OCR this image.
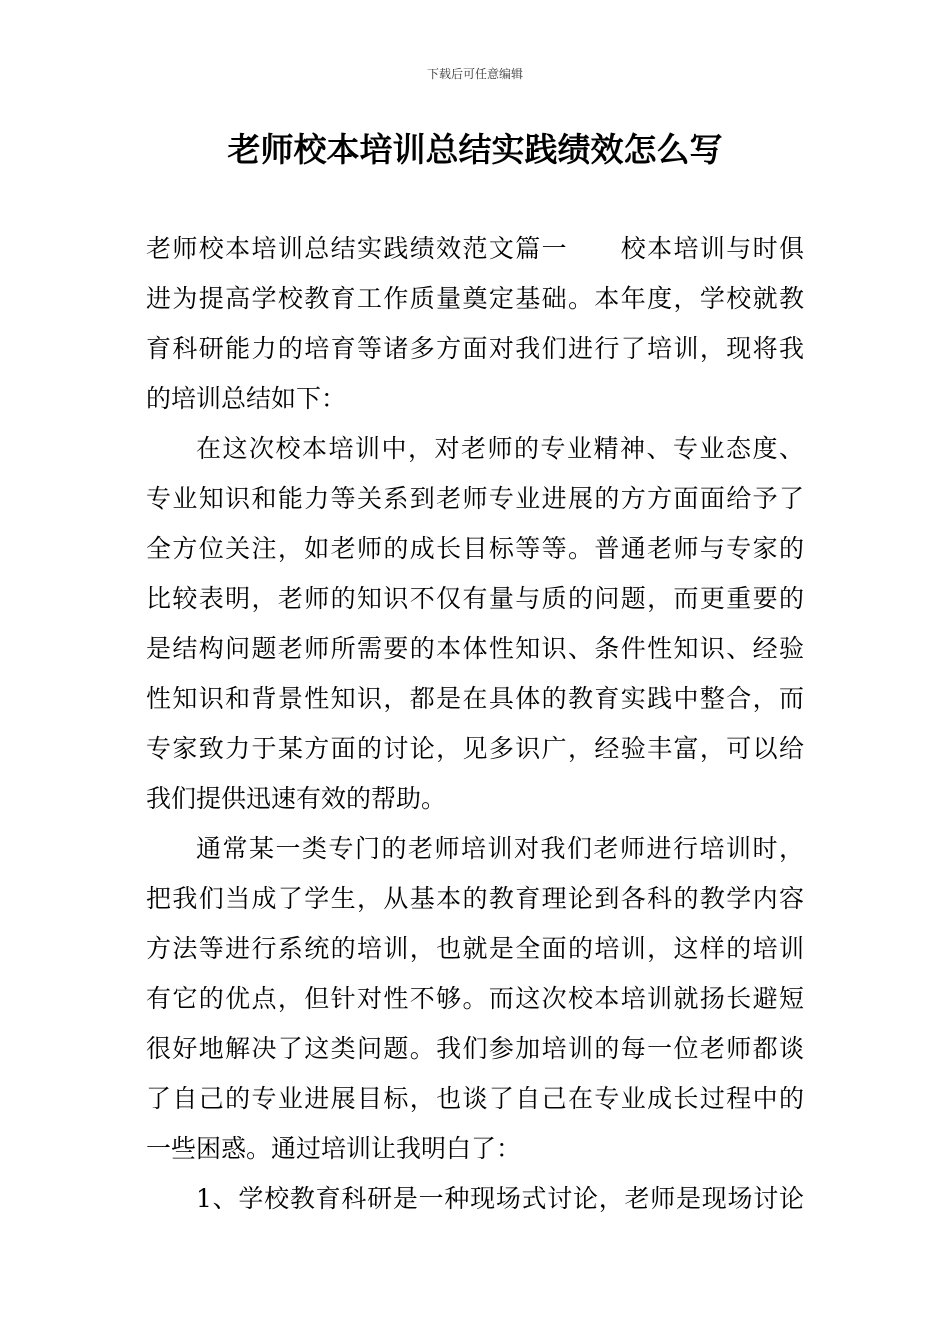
下载后可任意编辑
老师校本培训总结实践绩效怎么写
老师校本培训总结实践绩效范文篇一　　校本培训与时俱
进为提高学校教育工作质量奠定基础。本年度，学校就教
育科研能力的培育等诸多方面对我们进行了培训，现将我
的培训总结如下：
在这次校本培训中，对老师的专业精神、专业态度、
专业知识和能力等关系到老师专业进展的方方面面给予了
全方位关注，如老师的成长目标等等。普通老师与专家的
比较表明，老师的知识不仅有量与质的问题，而更重要的
是结构问题老师所需要的本体性知识、条件性知识、经验
性知识和背景性知识，都是在具体的教育实践中整合，而
专家致力于某方面的讨论，见多识广，经验丰富，可以给
我们提供迅速有效的帮助。
通常某一类专门的老师培训对我们老师进行培训时，
把我们当成了学生，从基本的教育理论到各科的教学内容
方法等进行系统的培训，也就是全面的培训，这样的培训
有它的优点，但针对性不够。而这次校本培训就扬长避短
很好地解决了这类问题。我们参加培训的每一位老师都谈
了自己的专业进展目标，也谈了自己在专业成长过程中的
一些困惑。通过培训让我明白了：
1、学校教育科研是一种现场式讨论，老师是现场讨论
